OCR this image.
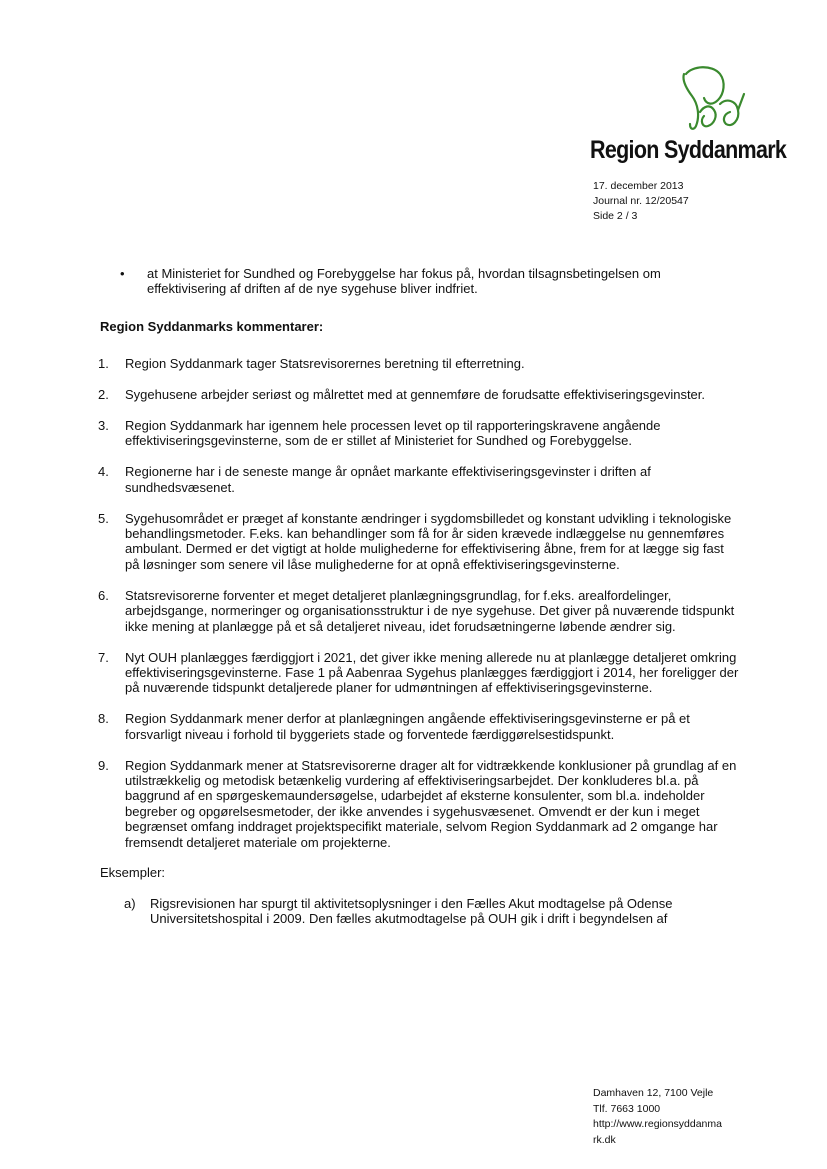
Region Syddanmark
17. december 2013
Journal nr. 12/20547
Side 2 / 3
•	at Ministeriet for Sundhed og Forebyggelse har fokus på, hvordan tilsagnsbetingelsen om effektivisering af driften af de nye sygehuse bliver indfriet.
Region Syddanmarks kommentarer:
1. Region Syddanmark tager Statsrevisorernes beretning til efterretning.
2. Sygehusene arbejder seriøst og målrettet med at gennemføre de forudsatte effektiviseringsgevinster.
3. Region Syddanmark har igennem hele processen levet op til rapporteringskravene angående effektiviseringsgevinsterne, som de er stillet af Ministeriet for Sundhed og Forebyggelse.
4. Regionerne har i de seneste mange år opnået markante effektiviseringsgevinster i driften af sundhedsvæsenet.
5. Sygehusområdet er præget af konstante ændringer i sygdomsbilledet og konstant udvikling i teknologiske behandlingsmetoder. F.eks. kan behandlinger som få for år siden krævede indlæggelse nu gennemføres ambulant. Dermed er det vigtigt at holde mulighederne for effektivisering åbne, frem for at lægge sig fast på løsninger som senere vil låse mulighederne for at opnå effektiviseringsgevinsterne.
6. Statsrevisorerne forventer et meget detaljeret planlægningsgrundlag, for f.eks. arealfordelinger, arbejdsgange, normeringer og organisationsstruktur i de nye sygehuse. Det giver på nuværende tidspunkt ikke mening at planlægge på et så detaljeret niveau, idet forudsætningerne løbende ændrer sig.
7. Nyt OUH planlægges færdiggjort i 2021, det giver ikke mening allerede nu at planlægge detaljeret omkring effektiviseringsgevinsterne. Fase 1 på Aabenraa Sygehus planlægges færdiggjort i 2014, her foreligger der på nuværende tidspunkt detaljerede planer for udmøntningen af effektiviseringsgevinsterne.
8. Region Syddanmark mener derfor at planlægningen angående effektiviseringsgevinsterne er på et forsvarligt niveau i forhold til byggeriets stade og forventede færdiggørelsestidspunkt.
9. Region Syddanmark mener at Statsrevisorerne drager alt for vidtrækkende konklusioner på grundlag af en utilstrækkelig og metodisk betænkelig vurdering af effektiviseringsarbejdet. Der konkluderes bl.a. på baggrund af en spørgeskemaundersøgelse, udarbejdet af eksterne konsulenter, som bl.a. indeholder begreber og opgørelsesmetoder, der ikke anvendes i sygehusvæsenet. Omvendt er der kun i meget begrænset omfang inddraget projektspecifikt materiale, selvom Region Syddanmark ad 2 omgange har fremsendt detaljeret materiale om projekterne.
Eksempler:
a) Rigsrevisionen har spurgt til aktivitetsoplysninger i den Fælles Akut modtagelse på Odense Universitetshospital i 2009. Den fælles akutmodtagelse på OUH gik i drift i begyndelsen af
Damhaven 12, 7100 Vejle
Tlf. 7663 1000
http://www.regionsyddanma
rk.dk
